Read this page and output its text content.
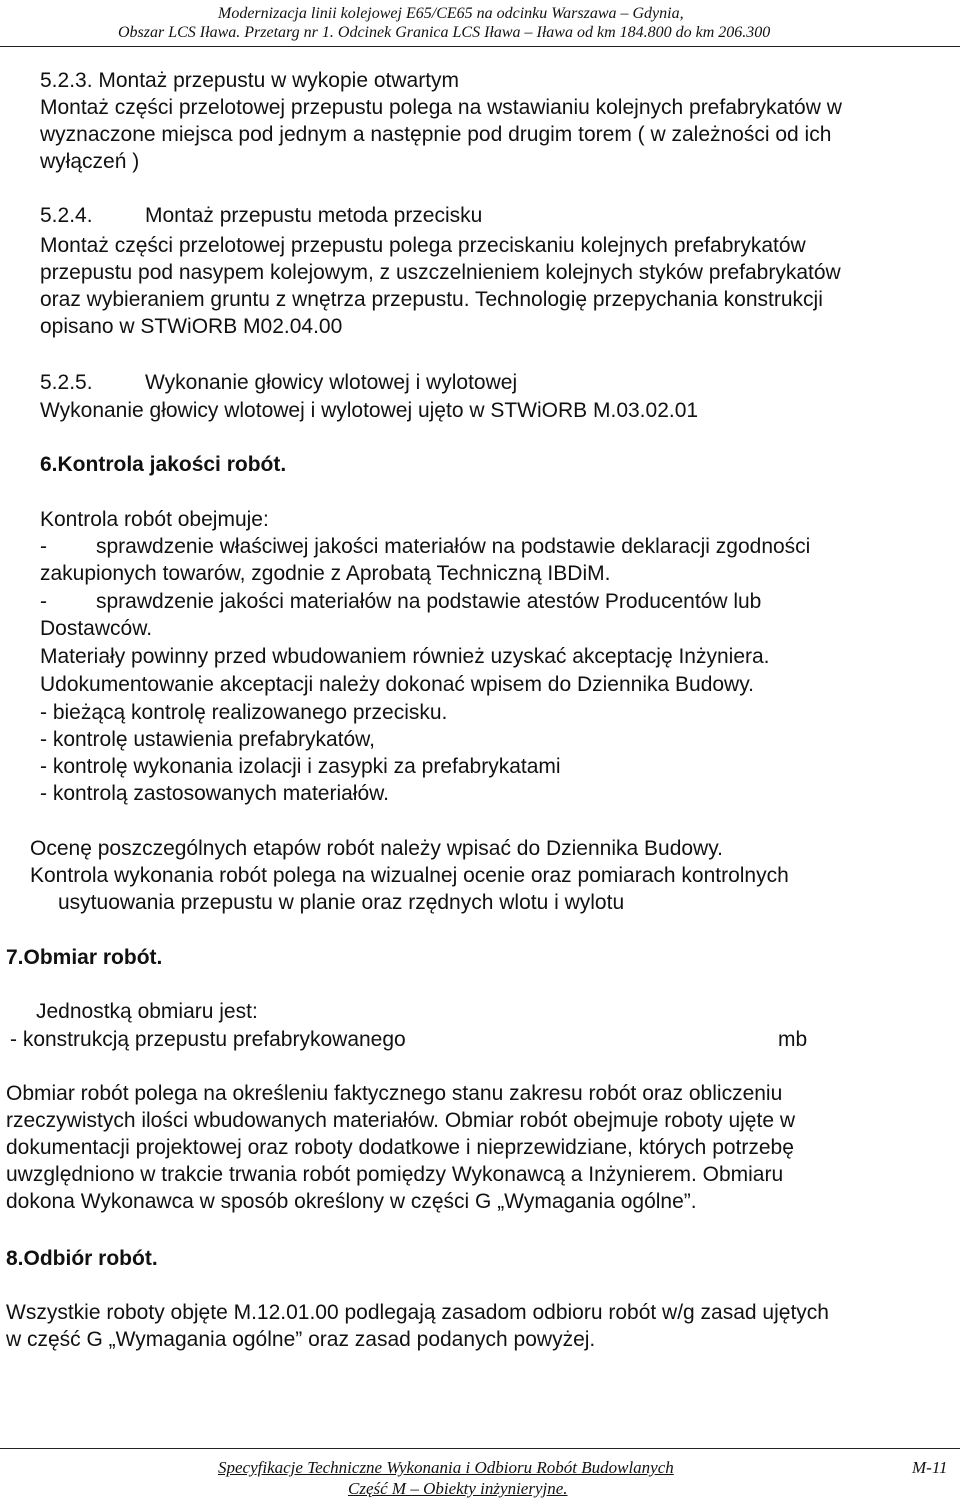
Modernizacja linii kolejowej E65/CE65 na odcinku Warszawa – Gdynia,
Obszar LCS Iława. Przetarg nr 1. Odcinek Granica LCS Iława – Iława od km 184.800 do km 206.300
5.2.3. Montaż przepustu w wykopie otwartym
Montaż części przelotowej przepustu polega na wstawianiu kolejnych prefabrykatów w
wyznaczone miejsca pod jednym a następnie pod drugim torem ( w zależności od ich
wyłączeń )
5.2.4. Montaż przepustu metoda przecisku
Montaż części przelotowej przepustu polega przeciskaniu kolejnych prefabrykatów
przepustu pod nasypem kolejowym, z uszczelnieniem kolejnych styków prefabrykatów
oraz wybieraniem gruntu z wnętrza przepustu. Technologię przepychania konstrukcji
opisano w STWiORB M02.04.00
5.2.5. Wykonanie głowicy wlotowej i wylotowej
Wykonanie głowicy wlotowej i wylotowej ujęto w STWiORB M.03.02.01
6.Kontrola jakości robót.
Kontrola robót obejmuje:
- sprawdzenie właściwej jakości materiałów na podstawie deklaracji zgodności
zakupionych towarów, zgodnie z Aprobatą Techniczną IBDiM.
- sprawdzenie jakości materiałów na podstawie atestów Producentów lub
Dostawców.
Materiały powinny przed wbudowaniem również uzyskać akceptację Inżyniera.
Udokumentowanie akceptacji należy dokonać wpisem do Dziennika Budowy.
- bieżącą kontrolę realizowanego przecisku.
- kontrolę ustawienia prefabrykatów,
- kontrolę wykonania izolacji i zasypki za prefabrykatami
- kontrolą zastosowanych materiałów.
Ocenę poszczególnych etapów robót należy wpisać do Dziennika Budowy.
Kontrola wykonania robót polega na wizualnej ocenie oraz pomiarach kontrolnych
usytuowania przepustu w planie oraz rzędnych wlotu i wylotu
7.Obmiar robót.
Jednostką obmiaru jest:
- konstrukcją przepustu prefabrykowanego	mb
Obmiar robót polega na określeniu faktycznego stanu zakresu robót oraz obliczeniu
rzeczywistych ilości wbudowanych materiałów. Obmiar robót obejmuje roboty ujęte w
dokumentacji projektowej oraz roboty dodatkowe i nieprzewidziane, których potrzebę
uwzględniono w trakcie trwania robót pomiędzy Wykonawcą a Inżynierem. Obmiaru
dokona Wykonawca w sposób określony w części G „Wymagania ogólne”.
8.Odbiór robót.
Wszystkie roboty objęte M.12.01.00 podlegają zasadom odbioru robót w/g zasad ujętych
w część G „Wymagania ogólne” oraz zasad podanych powyżej.
Specyfikacje Techniczne Wykonania i Odbioru Robót Budowlanych
Część M – Obiekty inżynieryjne.
M-11
